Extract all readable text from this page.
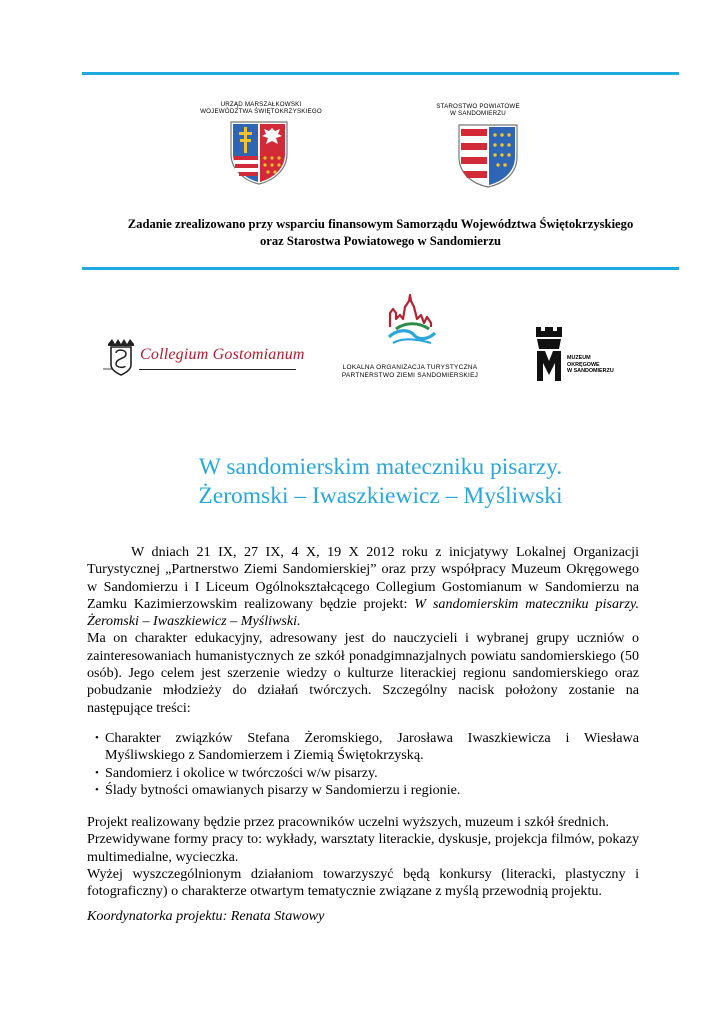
URZĄD MARSZAŁKOWSKI
WOJEWÓDZTWA ŚWIĘTOKRZYSKIEGO
STAROSTWO POWIATOWE
W SANDOMIERZU
Zadanie zrealizowano przy wsparciu finansowym Samorządu Województwa Świętokrzyskiego
oraz Starostwa Powiatowego w Sandomierzu
Collegium Gostomianum
LOKALNA ORGANIZACJA TURYSTYCZNA
PARTNERSTWO ZIEMI SANDOMIERSKIEJ
MUZEUM
OKRĘGOWE
W SANDOMIERZU
W sandomierskim mateczniku pisarzy.
Żeromski – Iwaszkiewicz – Myśliwski

W dniach 21 IX, 27 IX, 4 X, 19 X 2012 roku z inicjatywy Lokalnej Organizacji Turystycznej „Partnerstwo Ziemi Sandomierskiej” oraz przy współpracy Muzeum Okręgowego w Sandomierzu i I Liceum Ogólnokształcącego Collegium Gostomianum w Sandomierzu na Zamku Kazimierzowskim realizowany będzie projekt: W sandomierskim mateczniku pisarzy. Żeromski – Iwaszkiewicz – Myśliwski.

Ma on charakter edukacyjny, adresowany jest do nauczycieli i wybranej grupy uczniów o zainteresowaniach humanistycznych ze szkół ponadgimnazjalnych powiatu sandomierskiego (50 osób). Jego celem jest szerzenie wiedzy o kulturze literackiej regionu sandomierskiego oraz pobudzanie młodzieży do działań twórczych. Szczególny nacisk położony zostanie na następujące treści:

• Charakter związków Stefana Żeromskiego, Jarosława Iwaszkiewicza i Wiesława Myśliwskiego z Sandomierzem i Ziemią Świętokrzyską.
• Sandomierz i okolice w twórczości w/w pisarzy.
• Ślady bytności omawianych pisarzy w Sandomierzu i regionie.

Projekt realizowany będzie przez pracowników uczelni wyższych, muzeum i szkół średnich.

Przewidywane formy pracy to: wykłady, warsztaty literackie, dyskusje, projekcja filmów, pokazy multimedialne, wycieczka.

Wyżej wyszczególnionym działaniom towarzyszyć będą konkursy (literacki, plastyczny i fotograficzny) o charakterze otwartym tematycznie związane z myślą przewodnią projektu.

Koordynatorka projektu: Renata Stawowy
